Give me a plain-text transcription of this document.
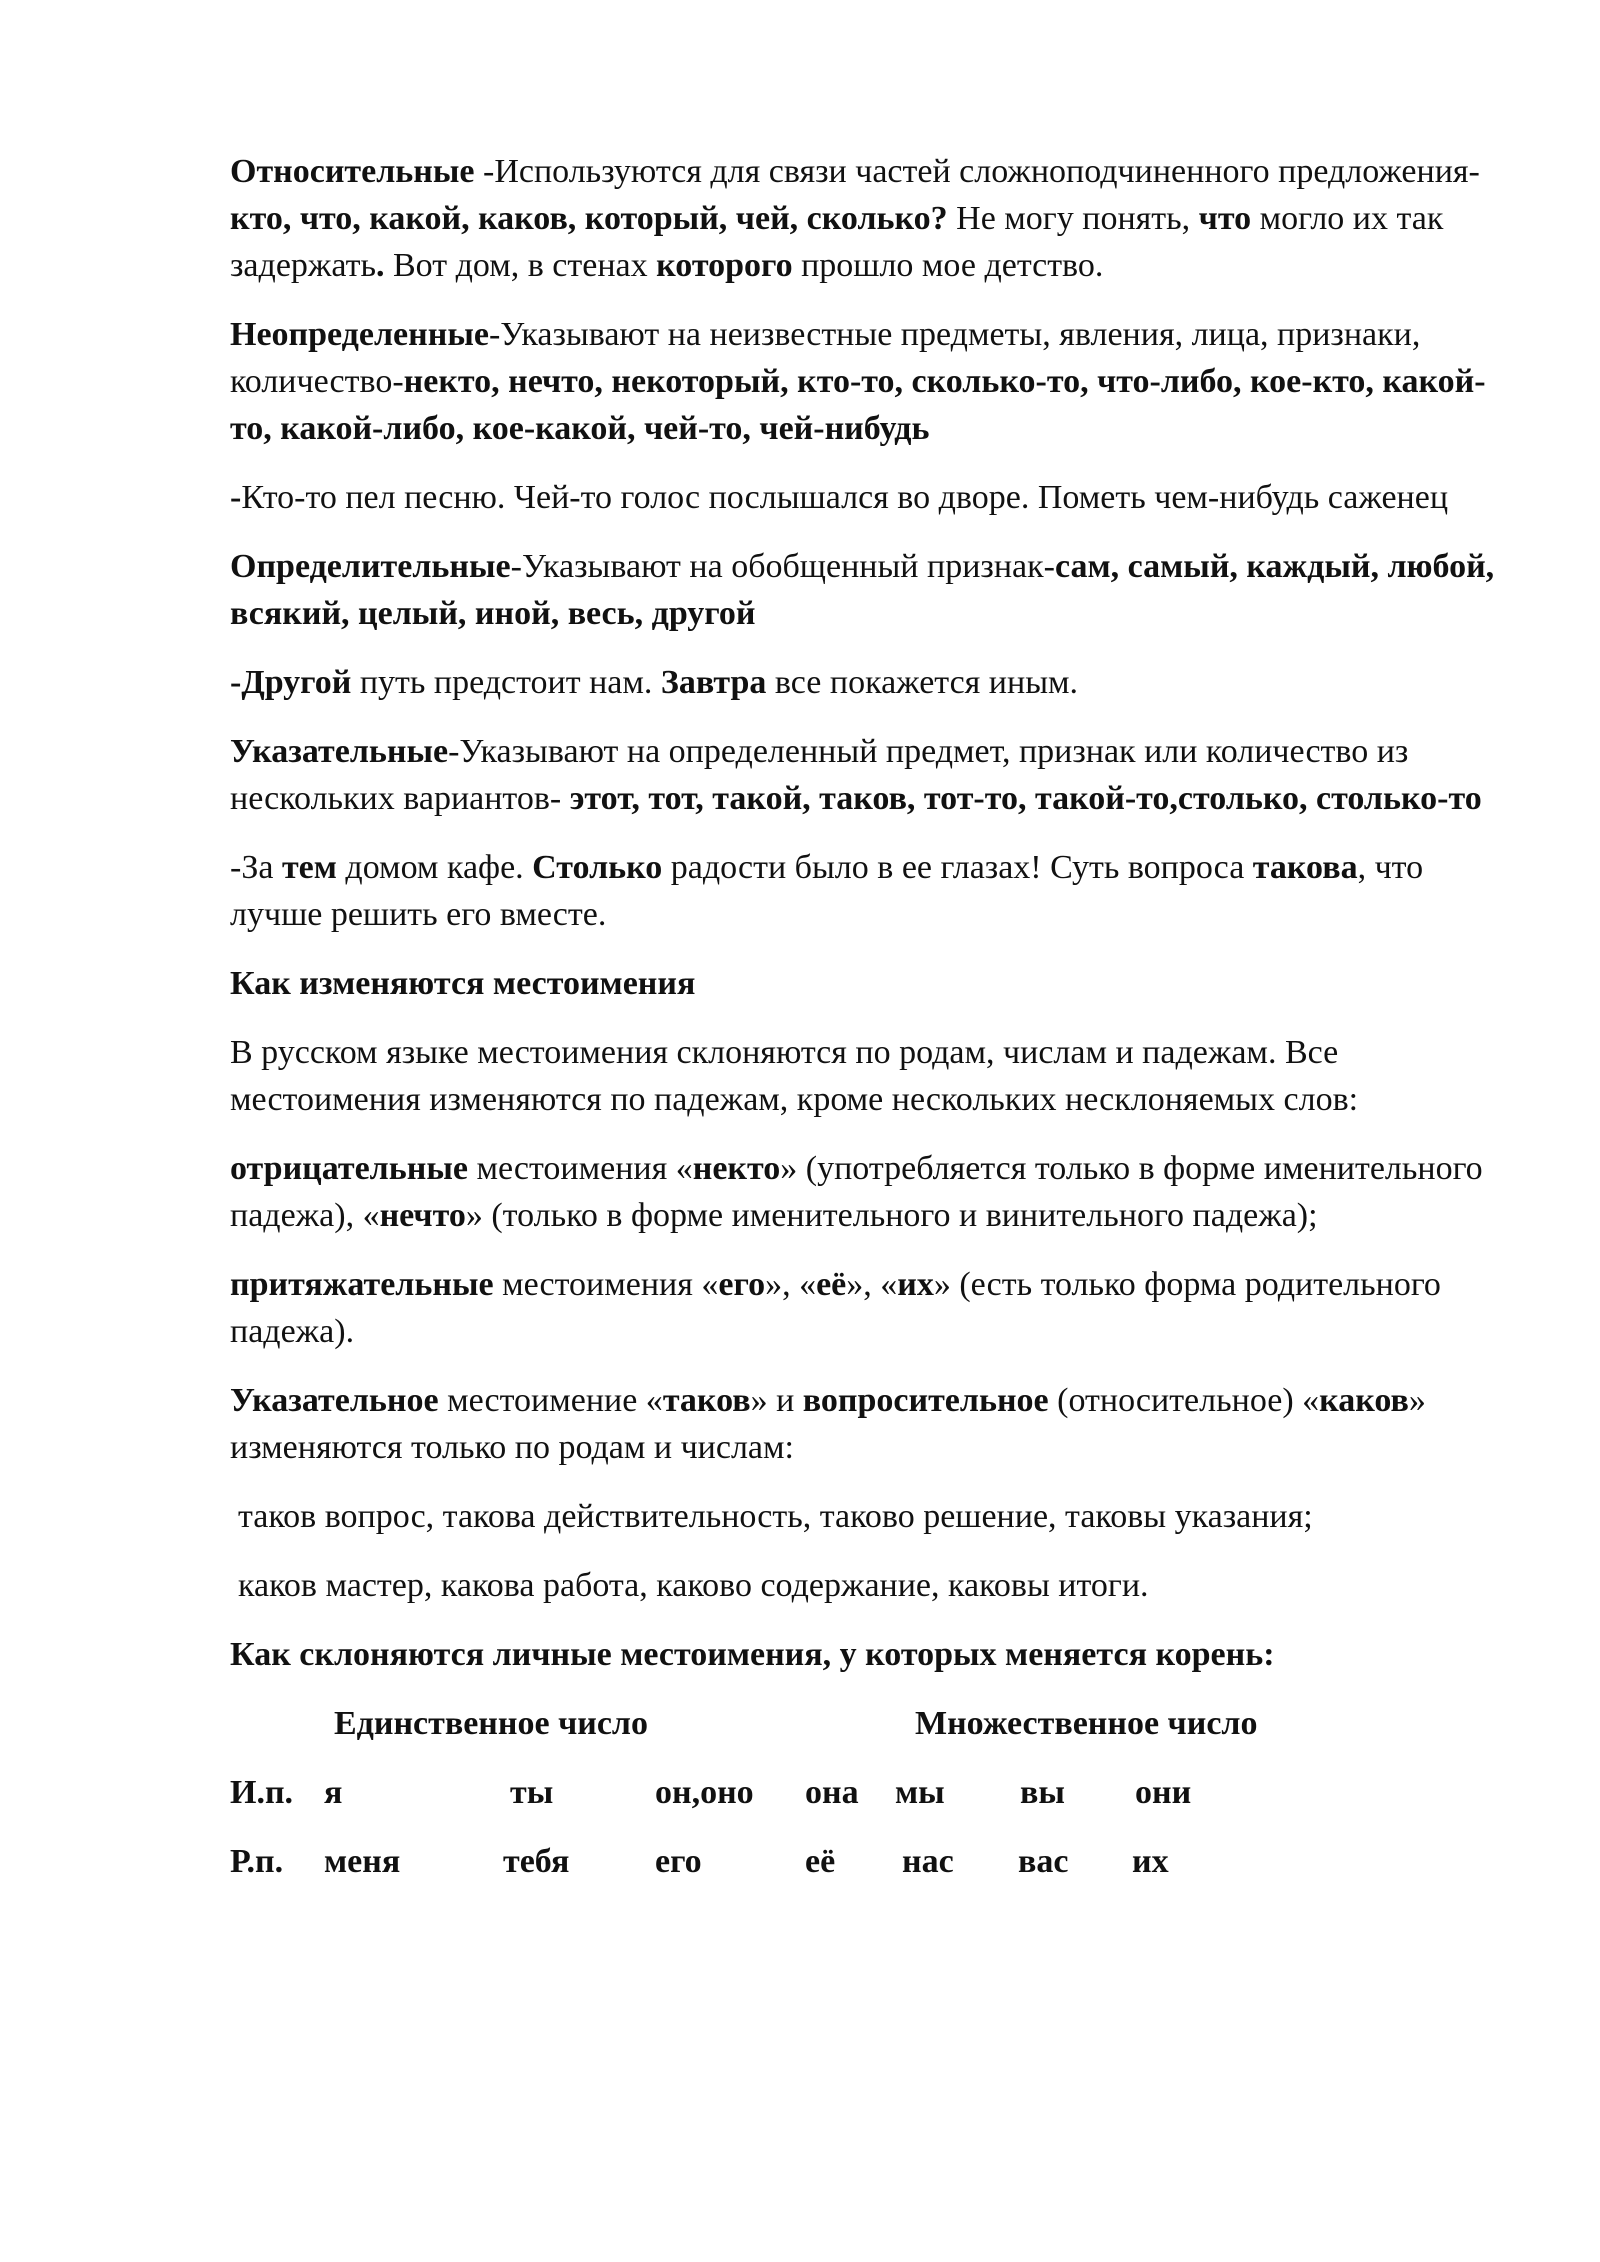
Относительные -Используются для связи частей сложноподчиненного предложения-кто, что, какой, каков, который, чей, сколько? Не могу понять, что могло их так задержать. Вот дом, в стенах которого прошло мое детство.

Неопределенные-Указывают на неизвестные предметы, явления, лица, признаки, количество-некто, нечто, некоторый, кто-то, сколько-то, что-либо, кое-кто, какой-то, какой-либо, кое-какой, чей-то, чей-нибудь

-Кто-то пел песню. Чей-то голос послышался во дворе. Пометь чем-нибудь саженец

Определительные-Указывают на обобщенный признак-сам, самый, каждый, любой, всякий, целый, иной, весь, другой

-Другой путь предстоит нам. Завтра все покажется иным.

Указательные-Указывают на определенный предмет, признак или количество из нескольких вариантов- этот, тот, такой, таков, тот-то, такой-то,столько, столько-то

-За тем домом кафе. Столько радости было в ее глазах! Суть вопроса такова, что лучше решить его вместе.

Как изменяются местоимения

В русском языке местоимения склоняются по родам, числам и падежам. Все местоимения изменяются по падежам, кроме нескольких несклоняемых слов:

отрицательные местоимения «некто» (употребляется только в форме именительного падежа), «нечто» (только в форме именительного и винительного падежа);

притяжательные местоимения «его», «её», «их» (есть только форма родительного падежа).

Указательное местоимение «таков» и вопросительное (относительное) «каков» изменяются только по родам и числам:

таков вопрос, такова действительность, таково решение, таковы указания;

каков мастер, какова работа, каково содержание, каковы итоги.

Как склоняются личные местоимения, у которых меняется корень:

Единственное число	Множественное число
И.п. я	ты	он,оно она мы вы они
Р.п. меня	тебя	его	её нас вас их
